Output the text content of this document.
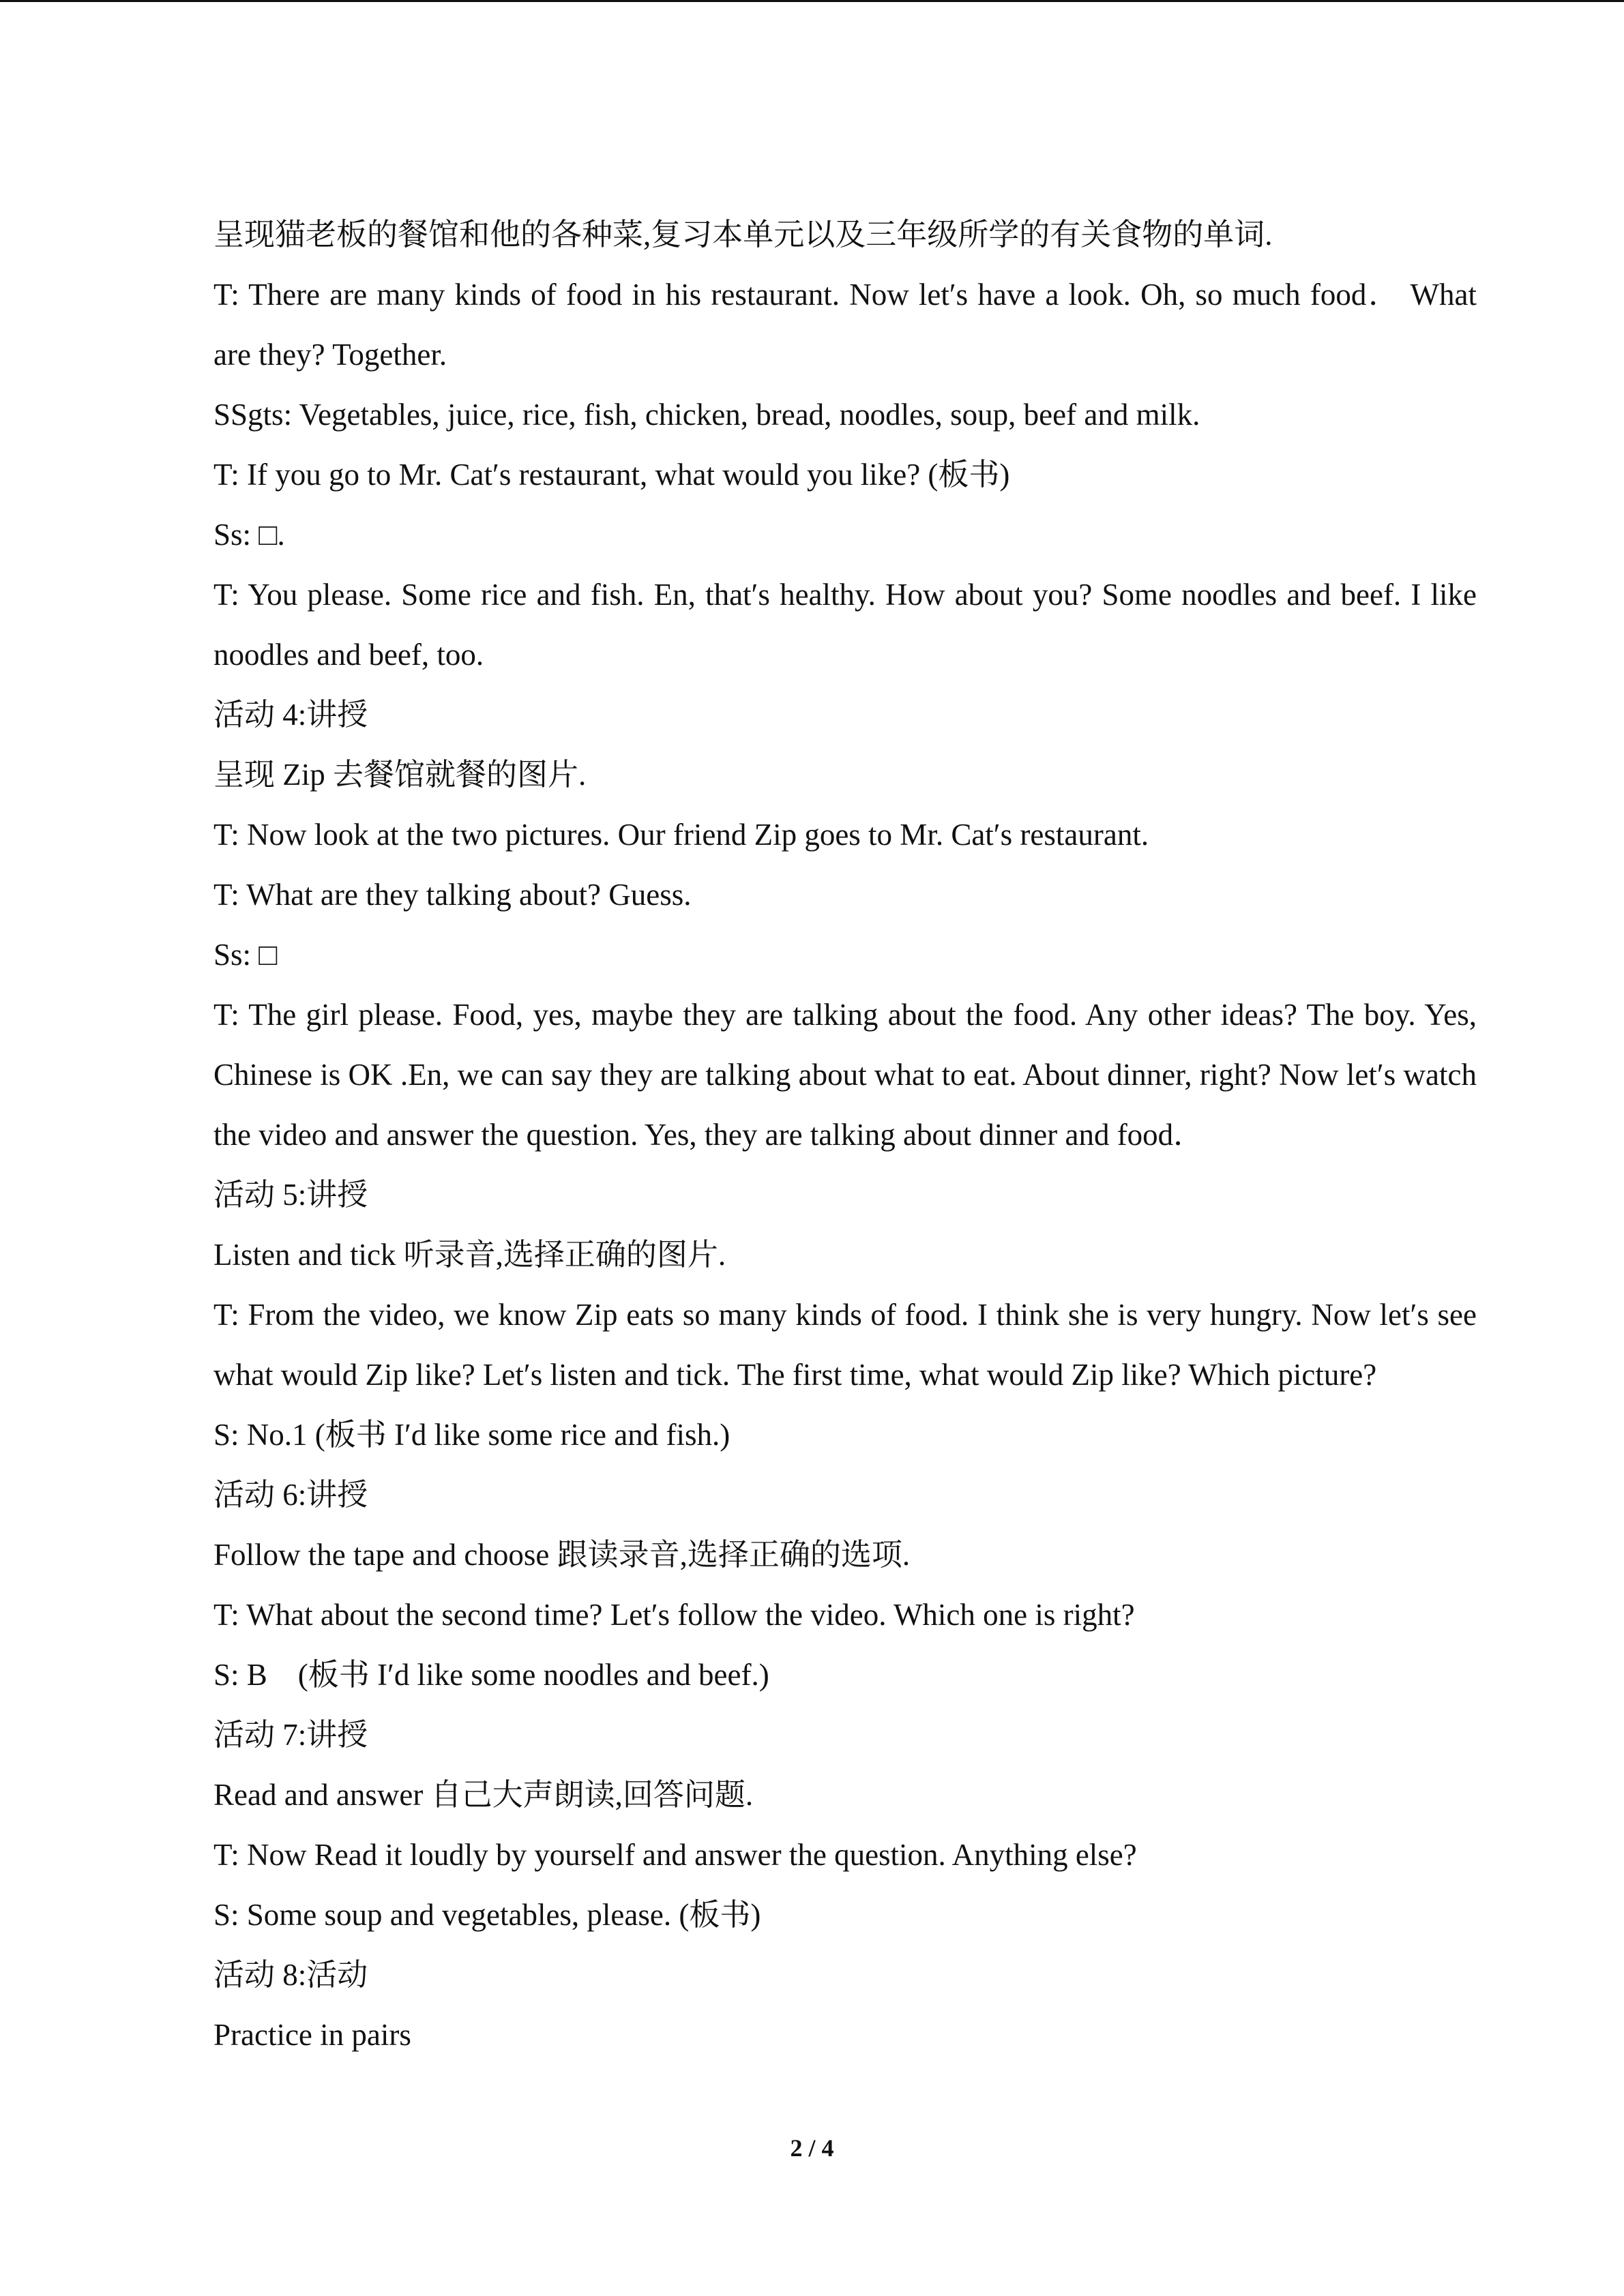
呈现猫老板的餐馆和他的各种菜,复习本单元以及三年级所学的有关食物的单词.

T: There are many kinds of food in his restaurant. Now let′s have a look. Oh, so much food． What are they? Together.

SSgts: Vegetables, juice, rice, fish, chicken, bread, noodles, soup, beef and milk.

T: If you go to Mr. Cat′s restaurant, what would you like? (板书)

Ss: □.

T: You please. Some rice and fish. En, that′s healthy. How about you? Some noodles and beef. I like noodles and beef, too.

活动 4:讲授

呈现 Zip 去餐馆就餐的图片.

T: Now look at the two pictures. Our friend Zip goes to Mr. Cat′s restaurant.

T: What are they talking about? Guess.

Ss: □

T: The girl please. Food, yes, maybe they are talking about the food. Any other ideas? The boy. Yes, Chinese is OK .En, we can say they are talking about what to eat. About dinner, right? Now let′s watch the video and answer the question. Yes, they are talking about dinner and food．

活动 5:讲授

Listen and tick 听录音,选择正确的图片.

T: From the video, we know Zip eats so many kinds of food. I think she is very hungry. Now let′s see what would Zip like? Let′s listen and tick. The first time, what would Zip like? Which picture?

S: No.1 (板书 I′d like some rice and fish.)

活动 6:讲授

Follow the tape and choose 跟读录音,选择正确的选项.

T: What about the second time? Let′s follow the video. Which one is right?

S: B　(板书 I′d like some noodles and beef.)

活动 7:讲授

Read and answer 自己大声朗读,回答问题.

T: Now Read it loudly by yourself and answer the question. Anything else?

S: Some soup and vegetables, please. (板书)

活动 8:活动

Practice in pairs

2 / 4
